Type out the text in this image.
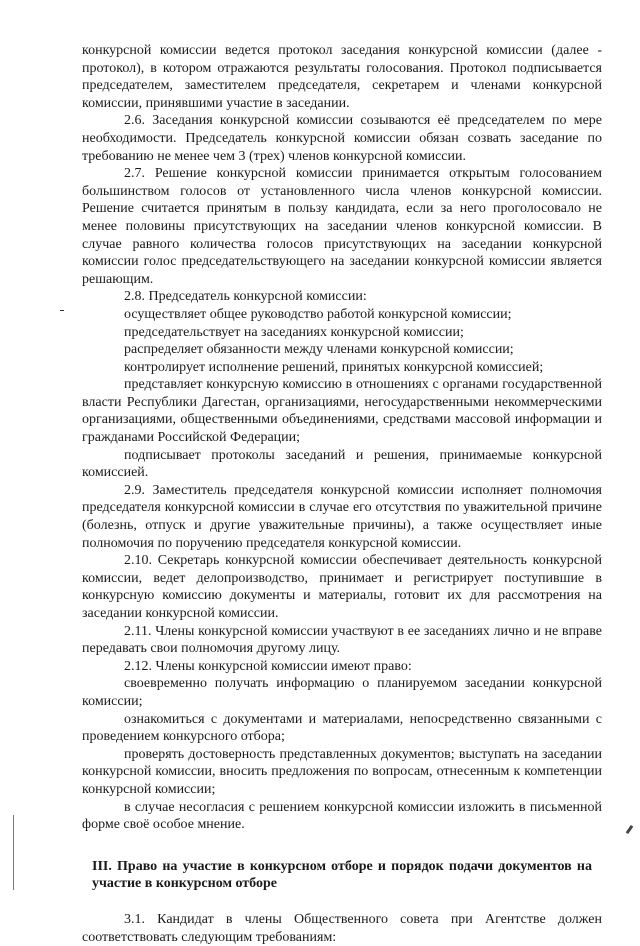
конкурсной комиссии ведется протокол заседания конкурсной комиссии (далее - протокол), в котором отражаются результаты голосования. Протокол подписывается председателем, заместителем председателя, секретарем и членами конкурсной комиссии, принявшими участие в заседании.

2.6. Заседания конкурсной комиссии созываются её председателем по мере необходимости. Председатель конкурсной комиссии обязан созвать заседание по требованию не менее чем 3 (трех) членов конкурсной комиссии.

2.7. Решение конкурсной комиссии принимается открытым голосованием большинством голосов от установленного числа членов конкурсной комиссии. Решение считается принятым в пользу кандидата, если за него проголосовало не менее половины присутствующих на заседании членов конкурсной комиссии. В случае равного количества голосов присутствующих на заседании конкурсной комиссии голос председательствующего на заседании конкурсной комиссии является решающим.

2.8. Председатель конкурсной комиссии:

осуществляет общее руководство работой конкурсной комиссии;

председательствует на заседаниях конкурсной комиссии;

распределяет обязанности между членами конкурсной комиссии;

контролирует исполнение решений, принятых конкурсной комиссией;

представляет конкурсную комиссию в отношениях с органами государственной власти Республики Дагестан, организациями, негосударственными некоммерческими организациями, общественными объединениями, средствами массовой информации и гражданами Российской Федерации;

подписывает протоколы заседаний и решения, принимаемые конкурсной комиссией.

2.9. Заместитель председателя конкурсной комиссии исполняет полномочия председателя конкурсной комиссии в случае его отсутствия по уважительной причине (болезнь, отпуск и другие уважительные причины), а также осуществляет иные полномочия по поручению председателя конкурсной комиссии.

2.10. Секретарь конкурсной комиссии обеспечивает деятельность конкурсной комиссии, ведет делопроизводство, принимает и регистрирует поступившие в конкурсную комиссию документы и материалы, готовит их для рассмотрения на заседании конкурсной комиссии.

2.11. Члены конкурсной комиссии участвуют в ее заседаниях лично и не вправе передавать свои полномочия другому лицу.

2.12. Члены конкурсной комиссии имеют право:

своевременно получать информацию о планируемом заседании конкурсной комиссии;

ознакомиться с документами и материалами, непосредственно связанными с проведением конкурсного отбора;

проверять достоверность представленных документов; выступать на заседании конкурсной комиссии, вносить предложения по вопросам, отнесенным к компетенции конкурсной комиссии;

в случае несогласия с решением конкурсной комиссии изложить в письменной форме своё особое мнение.

III. Право на участие в конкурсном отборе и порядок подачи документов на участие в конкурсном отборе

3.1. Кандидат в члены Общественного совета при Агентстве должен соответствовать следующим требованиям:
